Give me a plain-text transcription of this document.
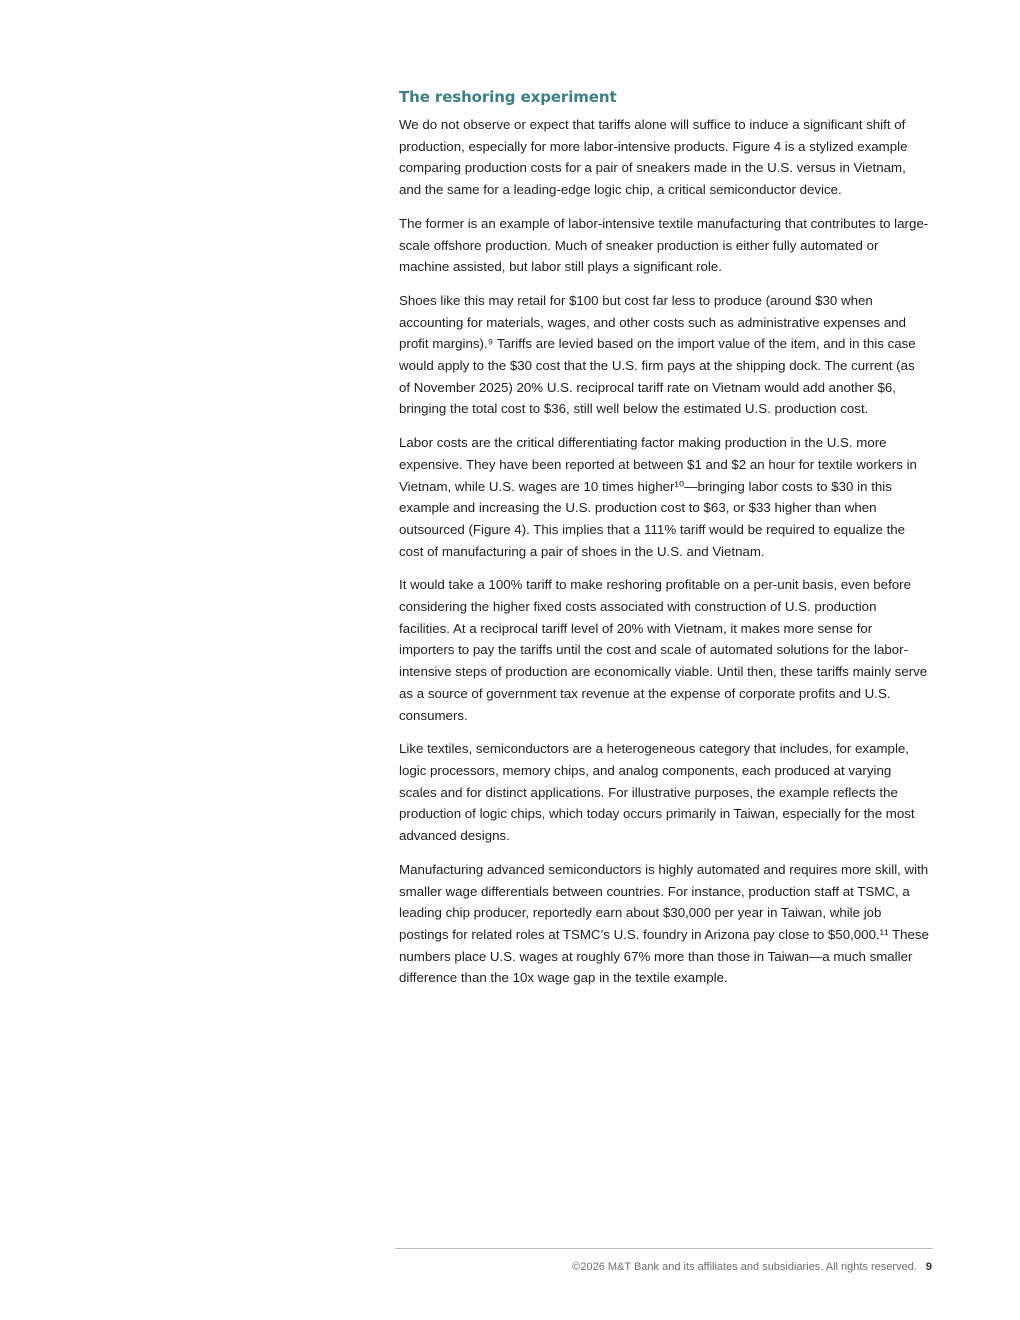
The reshoring experiment

We do not observe or expect that tariffs alone will suffice to induce a significant shift of production, especially for more labor-intensive products. Figure 4 is a stylized example comparing production costs for a pair of sneakers made in the U.S. versus in Vietnam, and the same for a leading-edge logic chip, a critical semiconductor device.

The former is an example of labor-intensive textile manufacturing that contributes to large-scale offshore production. Much of sneaker production is either fully automated or machine assisted, but labor still plays a significant role.

Shoes like this may retail for $100 but cost far less to produce (around $30 when accounting for materials, wages, and other costs such as administrative expenses and profit margins).⁹ Tariffs are levied based on the import value of the item, and in this case would apply to the $30 cost that the U.S. firm pays at the shipping dock. The current (as of November 2025) 20% U.S. reciprocal tariff rate on Vietnam would add another $6, bringing the total cost to $36, still well below the estimated U.S. production cost.

Labor costs are the critical differentiating factor making production in the U.S. more expensive. They have been reported at between $1 and $2 an hour for textile workers in Vietnam, while U.S. wages are 10 times higher¹⁰—bringing labor costs to $30 in this example and increasing the U.S. production cost to $63, or $33 higher than when outsourced (Figure 4). This implies that a 111% tariff would be required to equalize the cost of manufacturing a pair of shoes in the U.S. and Vietnam.

It would take a 100% tariff to make reshoring profitable on a per-unit basis, even before considering the higher fixed costs associated with construction of U.S. production facilities. At a reciprocal tariff level of 20% with Vietnam, it makes more sense for importers to pay the tariffs until the cost and scale of automated solutions for the labor-intensive steps of production are economically viable. Until then, these tariffs mainly serve as a source of government tax revenue at the expense of corporate profits and U.S. consumers.

Like textiles, semiconductors are a heterogeneous category that includes, for example, logic processors, memory chips, and analog components, each produced at varying scales and for distinct applications. For illustrative purposes, the example reflects the production of logic chips, which today occurs primarily in Taiwan, especially for the most advanced designs.

Manufacturing advanced semiconductors is highly automated and requires more skill, with smaller wage differentials between countries. For instance, production staff at TSMC, a leading chip producer, reportedly earn about $30,000 per year in Taiwan, while job postings for related roles at TSMC’s U.S. foundry in Arizona pay close to $50,000.¹¹ These numbers place U.S. wages at roughly 67% more than those in Taiwan—a much smaller difference than the 10x wage gap in the textile example.

©2026 M&T Bank and its affiliates and subsidiaries. All rights reserved. 9
